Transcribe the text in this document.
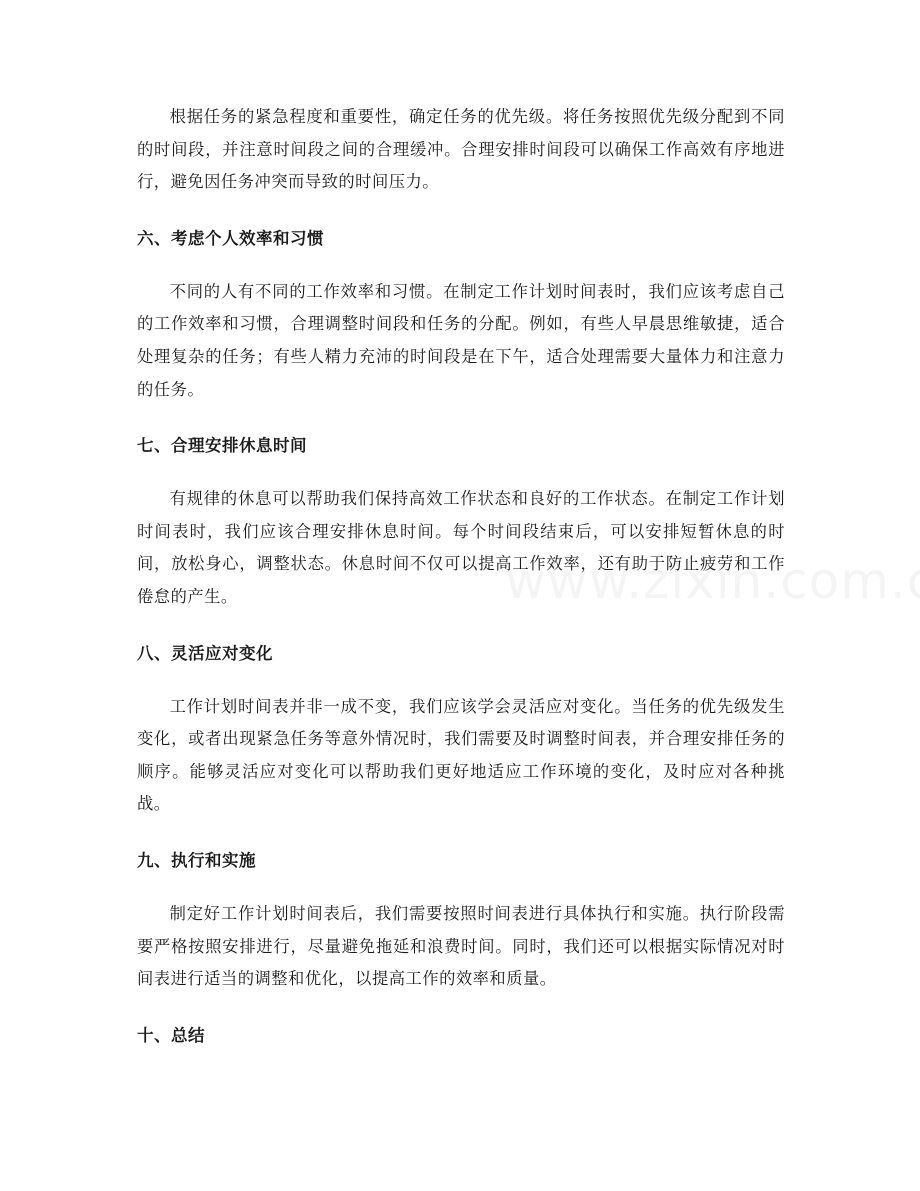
根据任务的紧急程度和重要性，确定任务的优先级。将任务按照优先级分配到不同的时间段，并注意时间段之间的合理缓冲。合理安排时间段可以确保工作高效有序地进行，避免因任务冲突而导致的时间压力。

六、考虑个人效率和习惯

不同的人有不同的工作效率和习惯。在制定工作计划时间表时，我们应该考虑自己的工作效率和习惯，合理调整时间段和任务的分配。例如，有些人早晨思维敏捷，适合处理复杂的任务；有些人精力充沛的时间段是在下午，适合处理需要大量体力和注意力的任务。

七、合理安排休息时间

有规律的休息可以帮助我们保持高效工作状态和良好的工作状态。在制定工作计划时间表时，我们应该合理安排休息时间。每个时间段结束后，可以安排短暂休息的时间，放松身心，调整状态。休息时间不仅可以提高工作效率，还有助于防止疲劳和工作倦怠的产生。

八、灵活应对变化

工作计划时间表并非一成不变，我们应该学会灵活应对变化。当任务的优先级发生变化，或者出现紧急任务等意外情况时，我们需要及时调整时间表，并合理安排任务的顺序。能够灵活应对变化可以帮助我们更好地适应工作环境的变化，及时应对各种挑战。

九、执行和实施

制定好工作计划时间表后，我们需要按照时间表进行具体执行和实施。执行阶段需要严格按照安排进行，尽量避免拖延和浪费时间。同时，我们还可以根据实际情况对时间表进行适当的调整和优化，以提高工作的效率和质量。

十、总结
